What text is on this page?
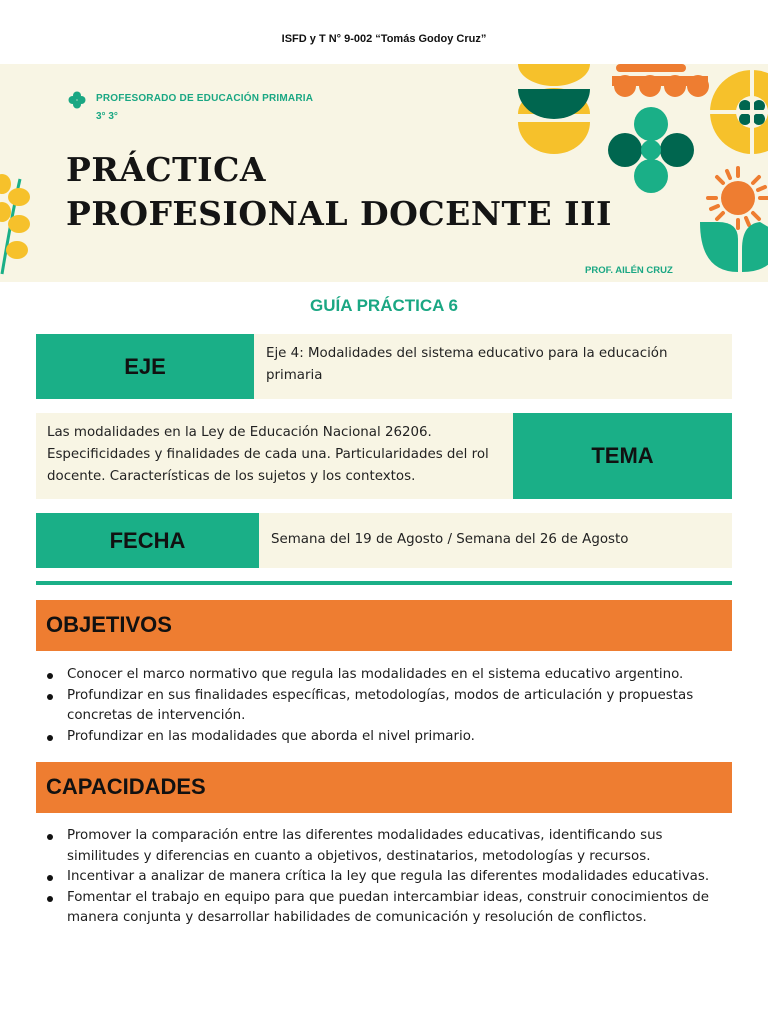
ISFD y T N° 9-002 “Tomás Godoy Cruz”
PROFESORADO DE EDUCACIÓN PRIMARIA
3° 3°
PRÁCTICA
PROFESIONAL DOCENTE III
PROF. AILÉN CRUZ
GUÍA PRÁCTICA 6
EJE	Eje 4: Modalidades del sistema educativo para la educación primaria
Las modalidades en la Ley de Educación Nacional 26206. Especificidades y finalidades de cada una. Particularidades del rol docente. Características de los sujetos y los contextos.
TEMA
FECHA	Semana del 19 de Agosto / Semana del 26 de Agosto
OBJETIVOS
Conocer el marco normativo que regula las modalidades en el sistema educativo argentino.
Profundizar en sus finalidades específicas, metodologías, modos de articulación y propuestas concretas de intervención.
Profundizar en las modalidades que aborda el nivel primario.
CAPACIDADES
Promover la comparación entre las diferentes modalidades educativas, identificando sus similitudes y diferencias en cuanto a objetivos, destinatarios, metodologías y recursos.
Incentivar a analizar de manera crítica la ley que regula las diferentes modalidades educativas.
Fomentar el trabajo en equipo para que puedan intercambiar ideas, construir conocimientos de manera conjunta y desarrollar habilidades de comunicación y resolución de conflictos.
